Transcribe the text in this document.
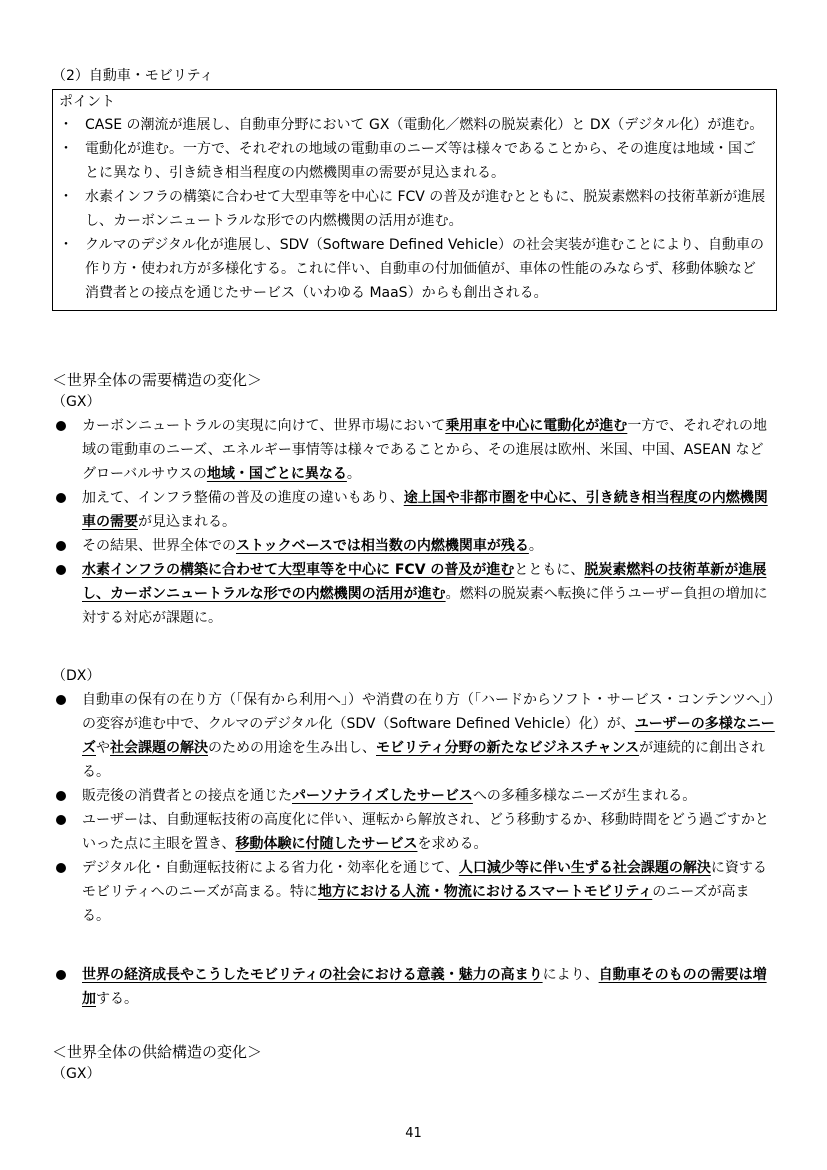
（2）自動車・モビリティ
ポイント
・ CASE の潮流が進展し、自動車分野において GX（電動化／燃料の脱炭素化）と DX（デジタル化）が進む。
・ 電動化が進む。一方で、それぞれの地域の電動車のニーズ等は様々であることから、その進度は地域・国ごとに異なり、引き続き相当程度の内燃機関車の需要が見込まれる。
・ 水素インフラの構築に合わせて大型車等を中心に FCV の普及が進むとともに、脱炭素燃料の技術革新が進展し、カーボンニュートラルな形での内燃機関の活用が進む。
・ クルマのデジタル化が進展し、SDV（Software Defined Vehicle）の社会実装が進むことにより、自動車の作り方・使われ方が多様化する。これに伴い、自動車の付加価値が、車体の性能のみならず、移動体験など消費者との接点を通じたサービス（いわゆる MaaS）からも創出される。
＜世界全体の需要構造の変化＞
（GX）

カーボンニュートラルの実現に向けて、世界市場において乗用車を中心に電動化が進む一方で、それぞれの地域の電動車のニーズ、エネルギー事情等は様々であることから、その進展は欧州、米国、中国、ASEAN などグローバルサウスの地域・国ごとに異なる。

加えて、インフラ整備の普及の進度の違いもあり、途上国や非都市圏を中心に、引き続き相当程度の内燃機関車の需要が見込まれる。

その結果、世界全体でのストックベースでは相当数の内燃機関車が残る。

水素インフラの構築に合わせて大型車等を中心に FCV の普及が進むとともに、脱炭素燃料の技術革新が進展し、カーボンニュートラルな形での内燃機関の活用が進む。燃料の脱炭素へ転換に伴うユーザー負担の増加に対する対応が課題に。

（DX）

自動車の保有の在り方（「保有から利用へ」）や消費の在り方（「ハードからソフト・サービス・コンテンツへ」）の変容が進む中で、クルマのデジタル化（SDV（Software Defined Vehicle）化）が、ユーザーの多様なニーズや社会課題の解決のための用途を生み出し、モビリティ分野の新たなビジネスチャンスが連続的に創出される。

販売後の消費者との接点を通じたパーソナライズしたサービスへの多種多様なニーズが生まれる。

ユーザーは、自動運転技術の高度化に伴い、運転から解放され、どう移動するか、移動時間をどう過ごすかといった点に主眼を置き、移動体験に付随したサービスを求める。

デジタル化・自動運転技術による省力化・効率化を通じて、人口減少等に伴い生ずる社会課題の解決に資するモビリティへのニーズが高まる。特に地方における人流・物流におけるスマートモビリティのニーズが高まる。

世界の経済成長やこうしたモビリティの社会における意義・魅力の高まりにより、自動車そのものの需要は増加する。

＜世界全体の供給構造の変化＞
（GX）
41
